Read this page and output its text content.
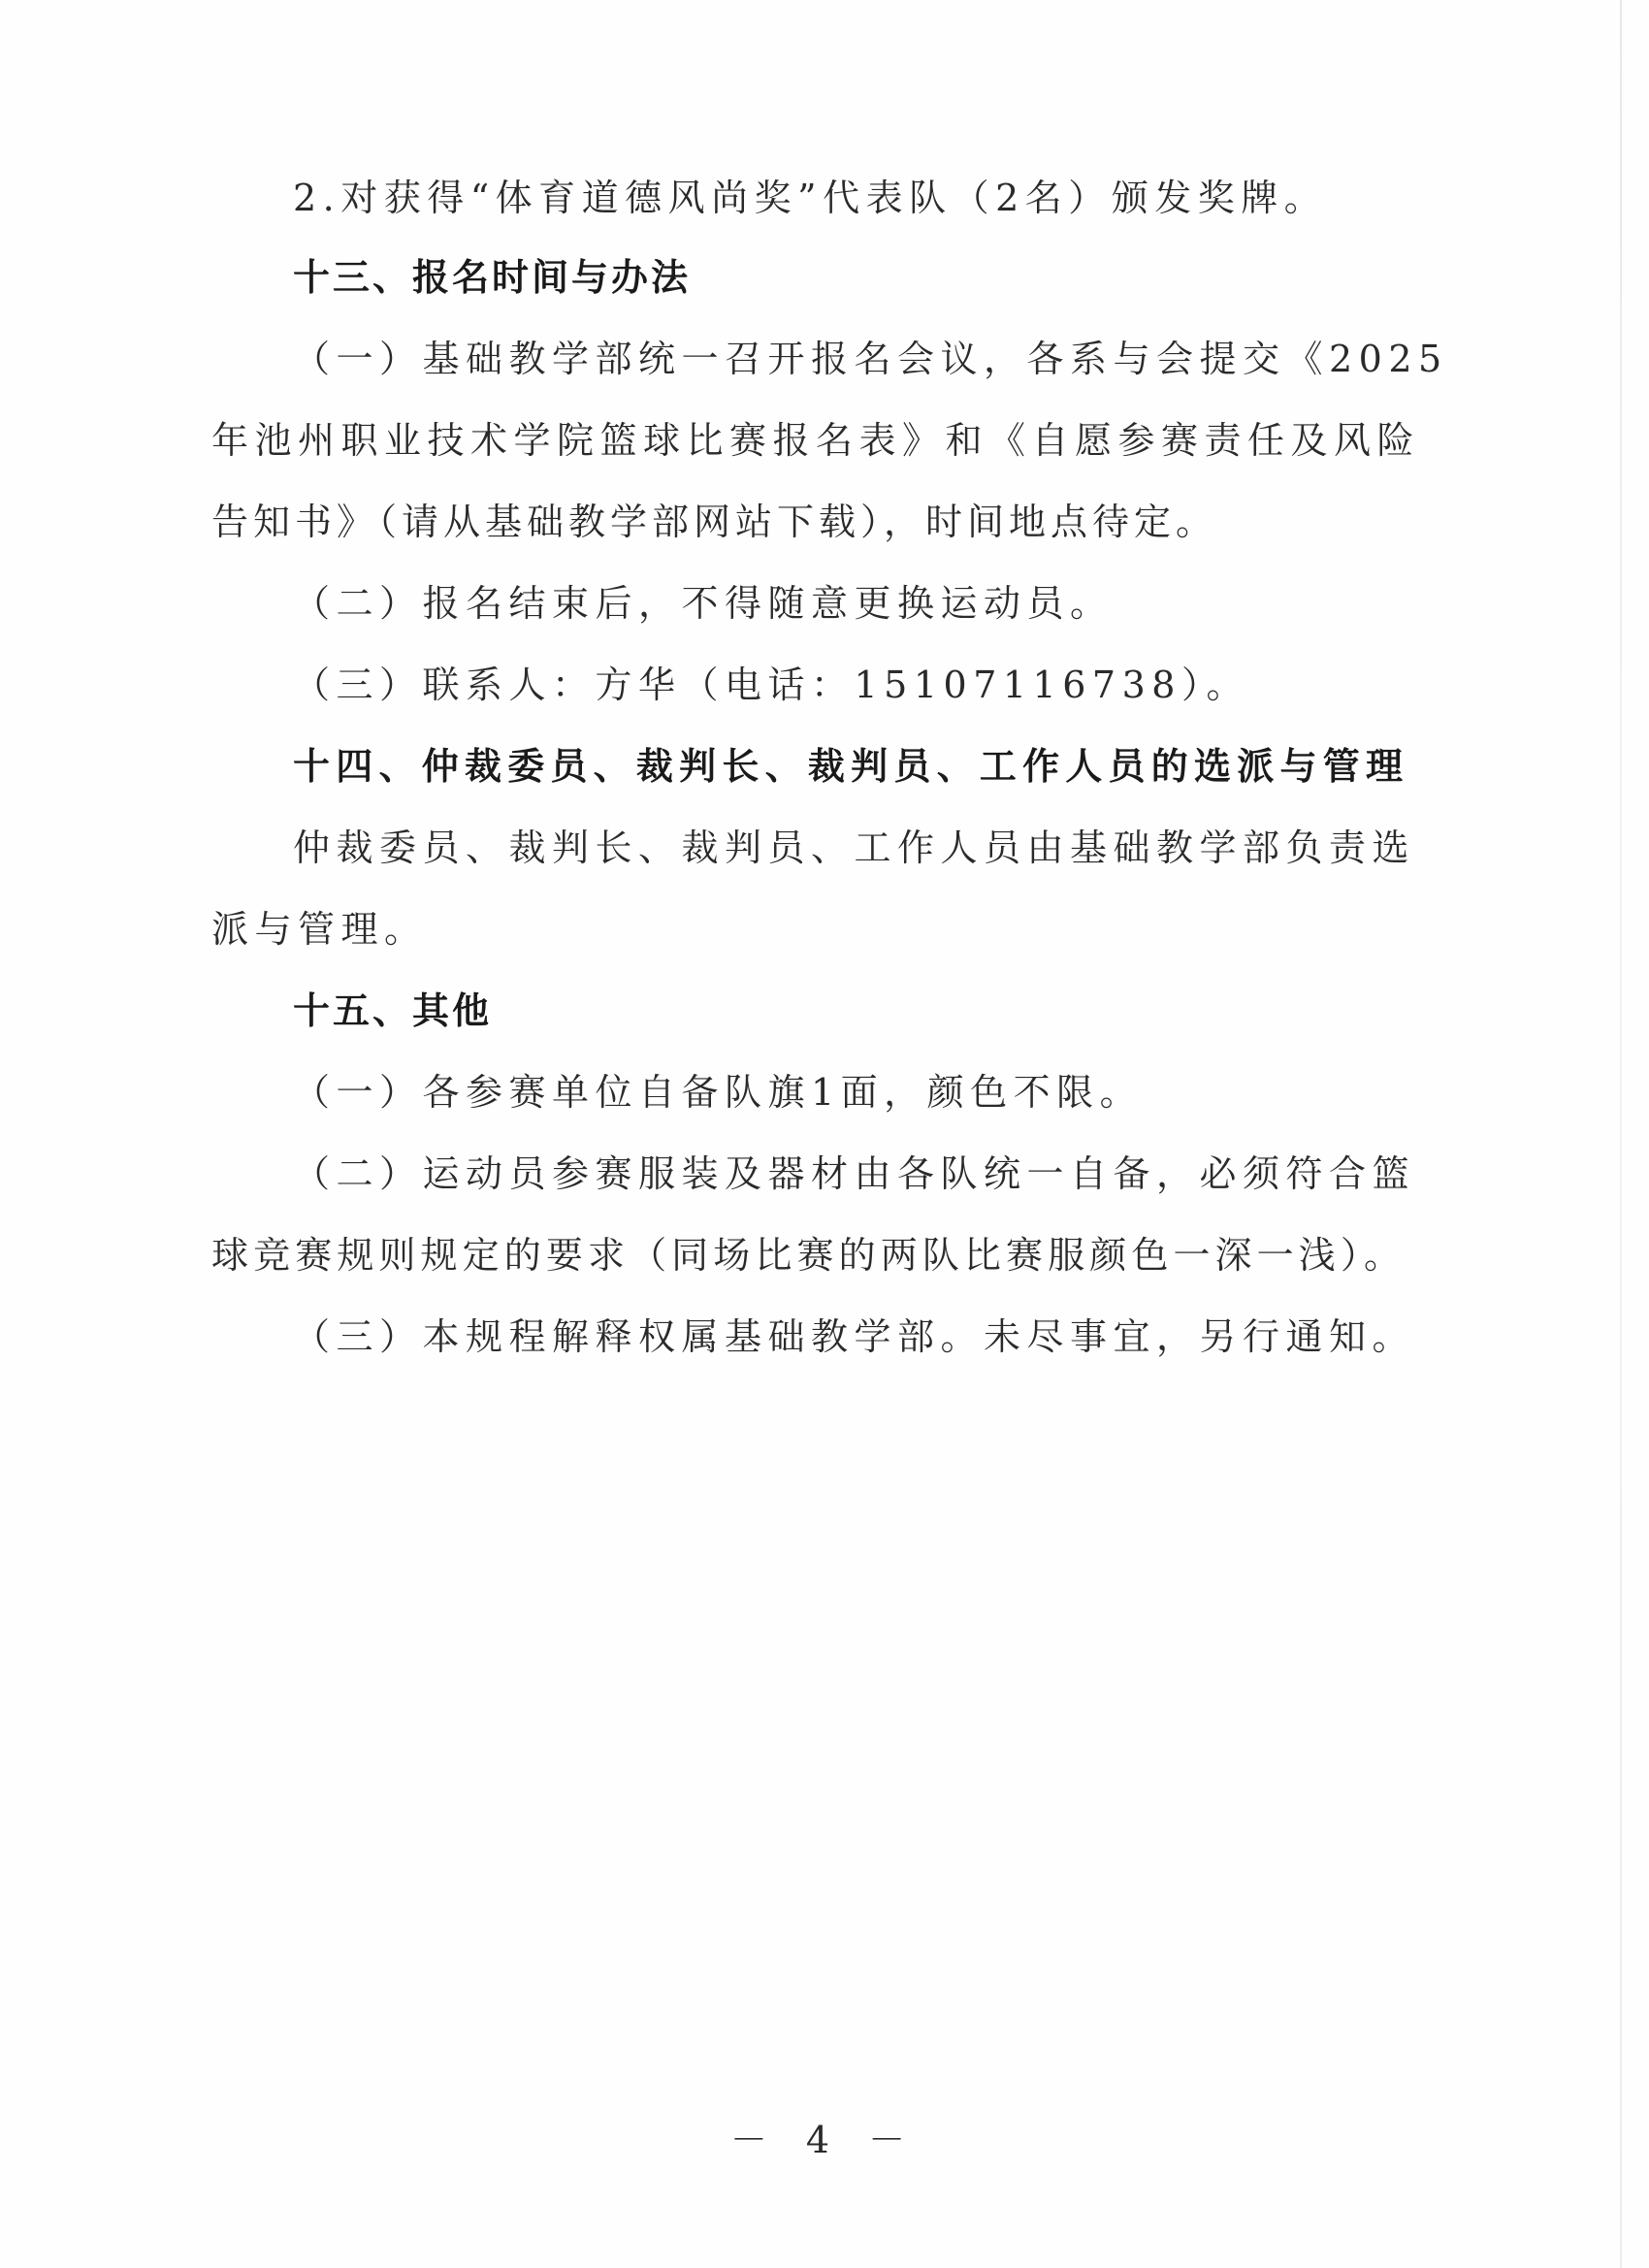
2.对获得“体育道德风尚奖”代表队（2名）颁发奖牌。
十三、报名时间与办法
（一）基础教学部统一召开报名会议，各系与会提交《2025
年池州职业技术学院篮球比赛报名表》和《自愿参赛责任及风险
告知书》（请从基础教学部网站下载），时间地点待定。
（二）报名结束后，不得随意更换运动员。
（三）联系人：方华（电话：15107116738）。
十四、仲裁委员、裁判长、裁判员、工作人员的选派与管理
仲裁委员、裁判长、裁判员、工作人员由基础教学部负责选
派与管理。
十五、其他
（一）各参赛单位自备队旗1面，颜色不限。
（二）运动员参赛服装及器材由各队统一自备，必须符合篮
球竞赛规则规定的要求（同场比赛的两队比赛服颜色一深一浅）。
（三）本规程解释权属基础教学部。未尽事宜，另行通知。
－ 4 －
